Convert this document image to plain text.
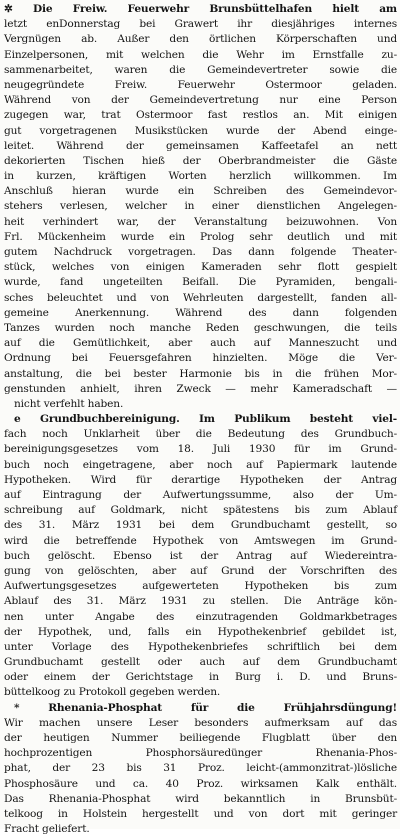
✲ Die Freiw. Feuerwehr Brunsbüttelhafen hielt am
letzt enDonnerstag bei Grawert ihr diesjähriges internes
Vergnügen ab. Außer den örtlichen Körperschaften und
Einzelpersonen, mit welchen die Wehr im Ernstfalle zu-
sammenarbeitet, waren die Gemeindevertreter sowie die
neugegründete Freiw. Feuerwehr Ostermoor geladen.
Während von der Gemeindevertretung nur eine Person
zugegen war, trat Ostermoor fast restlos an. Mit einigen
gut vorgetragenen Musikstücken wurde der Abend einge-
leitet. Während der gemeinsamen Kaffeetafel an nett
dekorierten Tischen hieß der Oberbrandmeister die Gäste
in kurzen, kräftigen Worten herzlich willkommen. Im
Anschluß hieran wurde ein Schreiben des Gemeindevor-
stehers verlesen, welcher in einer dienstlichen Angelegen-
heit verhindert war, der Veranstaltung beizuwohnen. Von
Frl. Mückenheim wurde ein Prolog sehr deutlich und mit
gutem Nachdruck vorgetragen. Das dann folgende Theater-
stück, welches von einigen Kameraden sehr flott gespielt
wurde, fand ungeteilten Beifall. Die Pyramiden, bengali-
sches beleuchtet und von Wehrleuten dargestellt, fanden all-
gemeine Anerkennung. Während des dann folgenden
Tanzes wurden noch manche Reden geschwungen, die teils
auf die Gemütlichkeit, aber auch auf Manneszucht und
Ordnung bei Feuersgefahren hinzielten. Möge die Ver-
anstaltung, die bei bester Harmonie bis in die frühen Mor-
genstunden anhielt, ihren Zweck — mehr Kameradschaft —
nicht verfehlt haben.
e Grundbuchbereinigung. Im Publikum besteht viel-
fach noch Unklarheit über die Bedeutung des Grundbuch-
bereinigungsgesetzes vom 18. Juli 1930 für im Grund-
buch noch eingetragene, aber noch auf Papiermark lautende
Hypotheken. Wird für derartige Hypotheken der Antrag
auf Eintragung der Aufwertungssumme, also der Um-
schreibung auf Goldmark, nicht spätestens bis zum Ablauf
des 31. März 1931 bei dem Grundbuchamt gestellt, so
wird die betreffende Hypothek von Amtswegen im Grund-
buch gelöscht. Ebenso ist der Antrag auf Wiedereintra-
gung von gelöschten, aber auf Grund der Vorschriften des
Aufwertungsgesetzes aufgewerteten Hypotheken bis zum
Ablauf des 31. März 1931 zu stellen. Die Anträge kön-
nen unter Angabe des einzutragenden Goldmarkbetrages
der Hypothek, und, falls ein Hypothekenbrief gebildet ist,
unter Vorlage des Hypothekenbriefes schriftlich bei dem
Grundbuchamt gestellt oder auch auf dem Grundbuchamt
oder einem der Gerichtstage in Burg i. D. und Bruns-
büttelkoog zu Protokoll gegeben werden.
* Rhenania-Phosphat für die Frühjahrsdüngung!
Wir machen unsere Leser besonders aufmerksam auf das
der heutigen Nummer beiliegende Flugblatt über den
hochprozentigen Phosphorsäuredünger Rhenania-Phos-
phat, der 23 bis 31 Proz. leicht-(ammonzitrat-)lösliche
Phosphosäure und ca. 40 Proz. wirksamen Kalk enthält.
Das Rhenania-Phosphat wird bekanntlich in Brunsbüt-
telkoog in Holstein hergestellt und von dort mit geringer
Fracht geliefert.
